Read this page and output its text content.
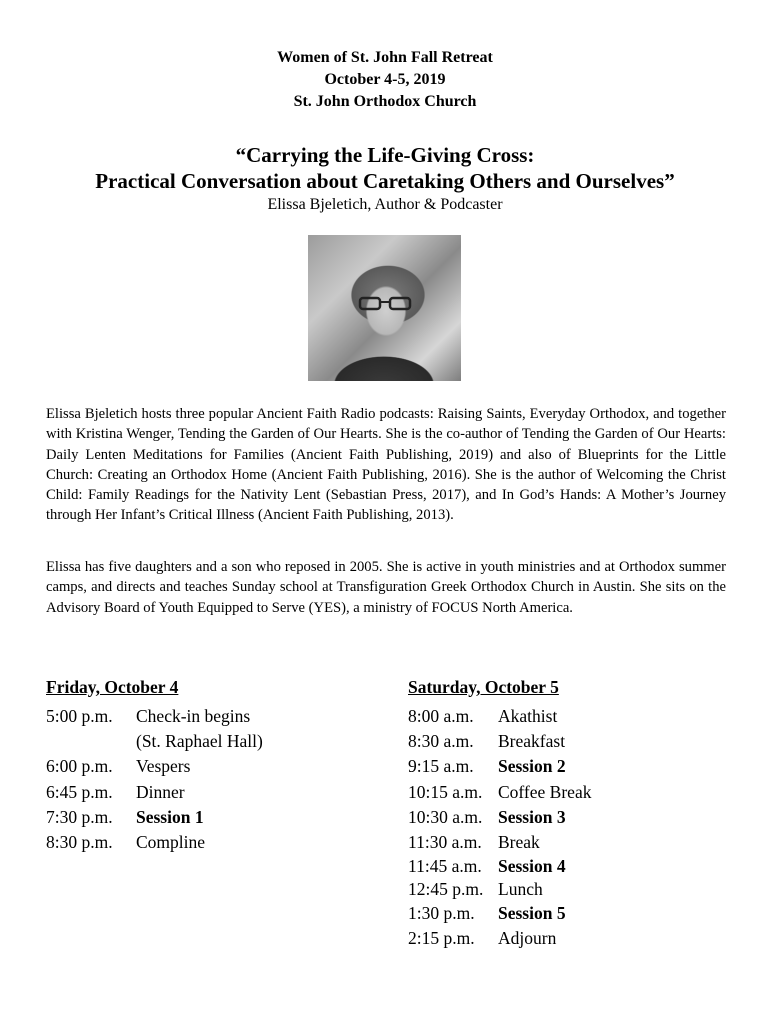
Women of St. John Fall Retreat
October 4-5, 2019
St. John Orthodox Church
“Carrying the Life-Giving Cross:
Practical Conversation about Caretaking Others and Ourselves”
Elissa Bjeletich, Author & Podcaster
Elissa Bjeletich hosts three popular Ancient Faith Radio podcasts: Raising Saints, Everyday Orthodox, and together with Kristina Wenger, Tending the Garden of Our Hearts. She is the co-author of Tending the Garden of Our Hearts: Daily Lenten Meditations for Families (Ancient Faith Publishing, 2019) and also of Blueprints for the Little Church: Creating an Orthodox Home (Ancient Faith Publishing, 2016). She is the author of Welcoming the Christ Child: Family Readings for the Nativity Lent (Sebastian Press, 2017), and In God’s Hands: A Mother’s Journey through Her Infant’s Critical Illness (Ancient Faith Publishing, 2013).
Elissa has five daughters and a son who reposed in 2005. She is active in youth ministries and at Orthodox summer camps, and directs and teaches Sunday school at Transfiguration Greek Orthodox Church in Austin. She sits on the Advisory Board of Youth Equipped to Serve (YES), a ministry of FOCUS North America.
Friday, October 4
5:00 p.m.	Check-in begins
(St. Raphael Hall)
6:00 p.m.	Vespers
6:45 p.m.	Dinner
7:30 p.m.	Session 1
8:30 p.m.	Compline
Saturday, October 5
8:00 a.m.	Akathist
8:30 a.m.	Breakfast
9:15 a.m.	Session 2
10:15 a.m. Coffee Break
10:30 a.m. Session 3
11:30 a.m. Break
11:45 a.m. Session 4
12:45 p.m. Lunch
1:30 p.m.	Session 5
2:15 p.m.	Adjourn
